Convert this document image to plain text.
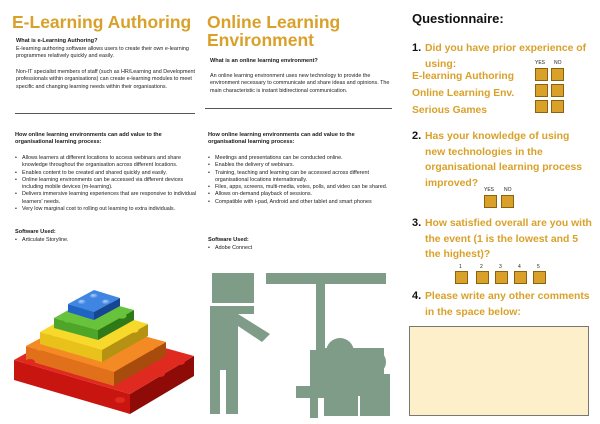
E-Learning Authoring
What is e-Learning Authoring?
E-learning authoring software allows users to create their own e-learning programmes relatively quickly and easily.
Non-IT specialist members of staff (such as HR/Learning and Development professionals within organisations) can create e-learning modules to meet specific and changing learning needs within their organisations.
How online learning environments can add value to the organisational learning process:
• Allows learners at different locations to access webinars and share knowledge throughout the organisation across different locations.
• Enables content to be created and shared quickly and easily.
• Online learning environments can be accessed via different devices including mobile devices (m-learning).
• Delivers immersive learning experiences that are responsive to individual learners' needs.
• Very low marginal cost to rolling out learning to extra individuals.
Software Used:
• Articulate Storyline.
Online Learning
Environment
What is an online learning environment?
An online learning environment uses new technology to provide the environment necessary to communicate and share ideas and opinions. The main characteristic is instant bidirectional communication.
How online learning environments can add value to the organisational learning process:
• Meetings and presentations can be conducted online.
• Enables the delivery of webinars.
• Training, teaching and learning can be accessed across different organisational locations internationally.
• Files, apps, screens, multi-media, votes, polls, and video can be shared.
• Allows on-demand playback of sessions.
• Compatible with i-pad, Android and other tablet and smart phones
Software Used:
• Adobe Connect
Questionnaire:
1. Did you have prior experience of
using:	YES NO
E-learning Authoring
Online Learning Env.
Serious Games
2. Has your knowledge of using
new technologies in the
organisational learning process
improved?
YES NO
3. How satisfied overall are you with
the event (1 is the lowest and 5
the highest)?
1	2	3	4	5
4. Please write any other comments
in the space below:
